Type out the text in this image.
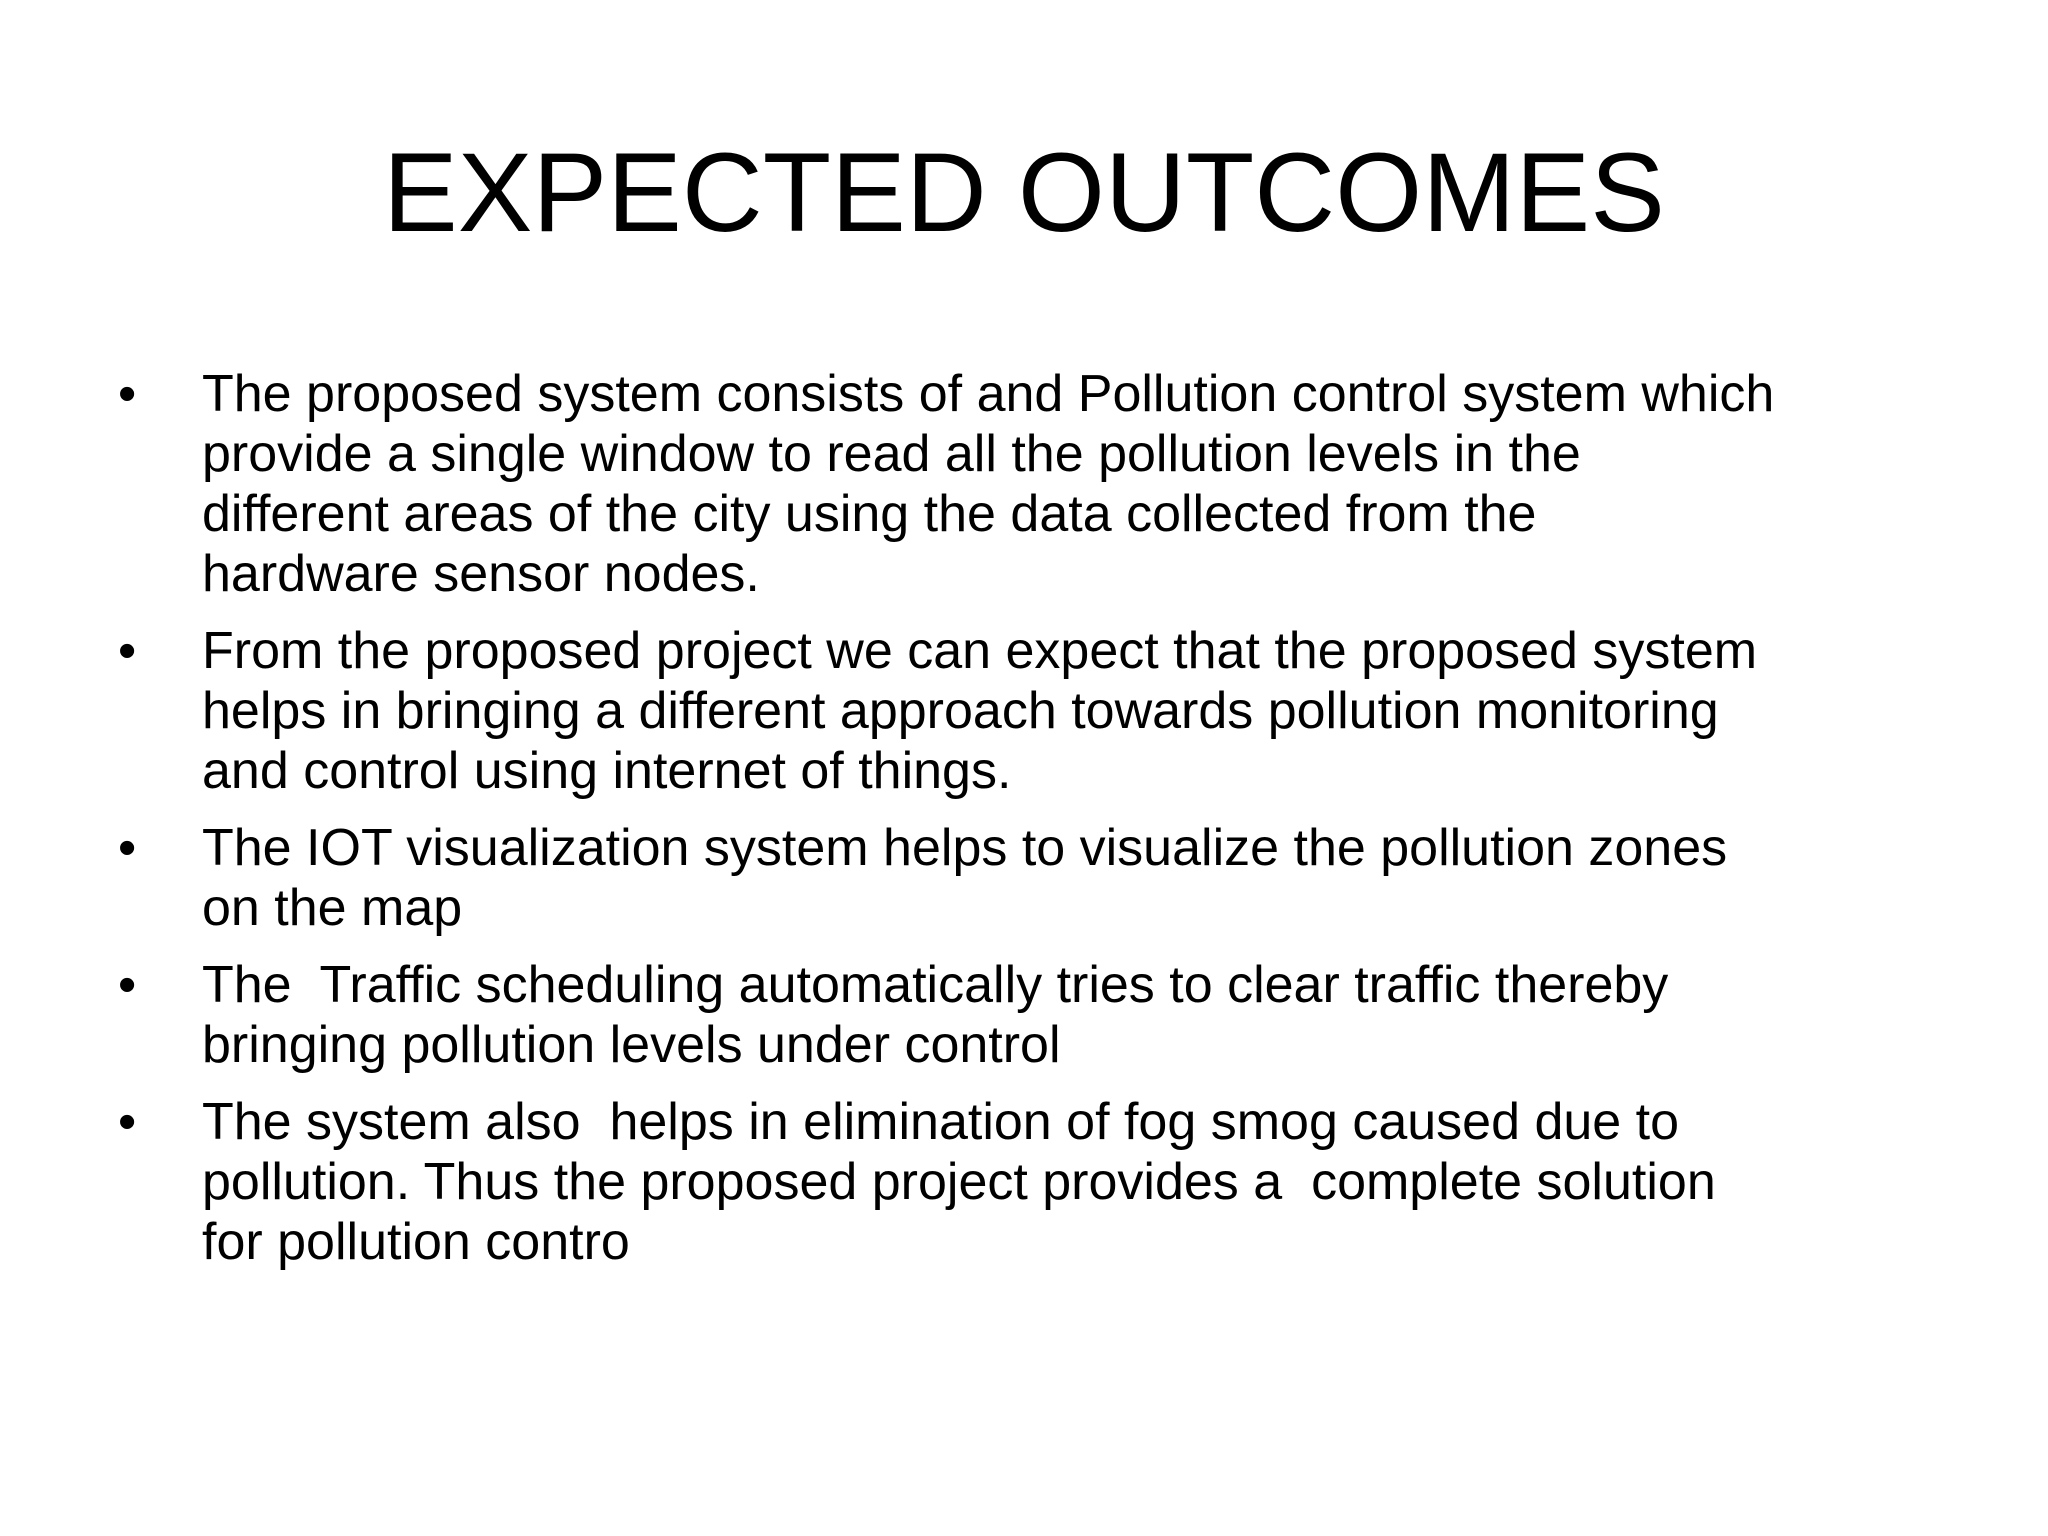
EXPECTED OUTCOMES
•	The proposed system consists of and Pollution control system which
provide a single window to read all the pollution levels in the
different areas of the city using the data collected from the
hardware sensor nodes.
•	From the proposed project we can expect that the proposed system
helps in bringing a different approach towards pollution monitoring
and control using internet of things.
•	The IOT visualization system helps to visualize the pollution zones
on the map
•	The  Traffic scheduling automatically tries to clear traffic thereby
bringing pollution levels under control
•	The system also  helps in elimination of fog smog caused due to
pollution. Thus the proposed project provides a  complete solution
for pollution contro
